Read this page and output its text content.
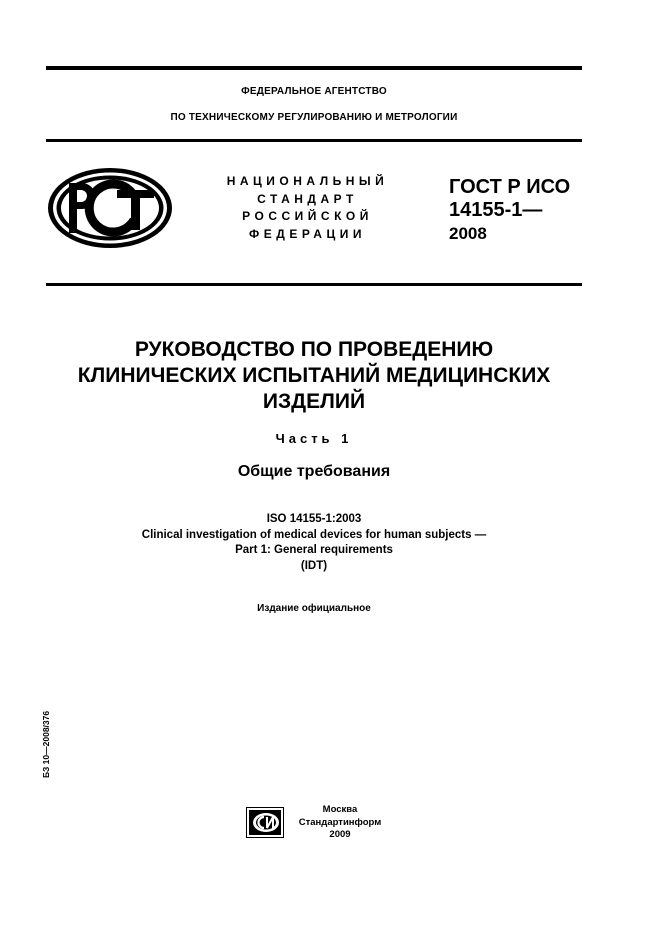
ФЕДЕРАЛЬНОЕ АГЕНТСТВО
ПО ТЕХНИЧЕСКОМУ РЕГУЛИРОВАНИЮ И МЕТРОЛОГИИ
НАЦИОНАЛЬНЫЙ
СТАНДАРТ
РОССИЙСКОЙ
ФЕДЕРАЦИИ
ГОСТ Р ИСО
14155-1—
2008
РУКОВОДСТВО ПО ПРОВЕДЕНИЮ
КЛИНИЧЕСКИХ ИСПЫТАНИЙ МЕДИЦИНСКИХ
ИЗДЕЛИЙ
Часть 1
Общие требования
ISO 14155-1:2003
Clinical investigation of medical devices for human subjects —
Part 1: General requirements
(IDT)
Издание официальное
БЗ 10—2008/376
Москва
Стандартинформ
2009
